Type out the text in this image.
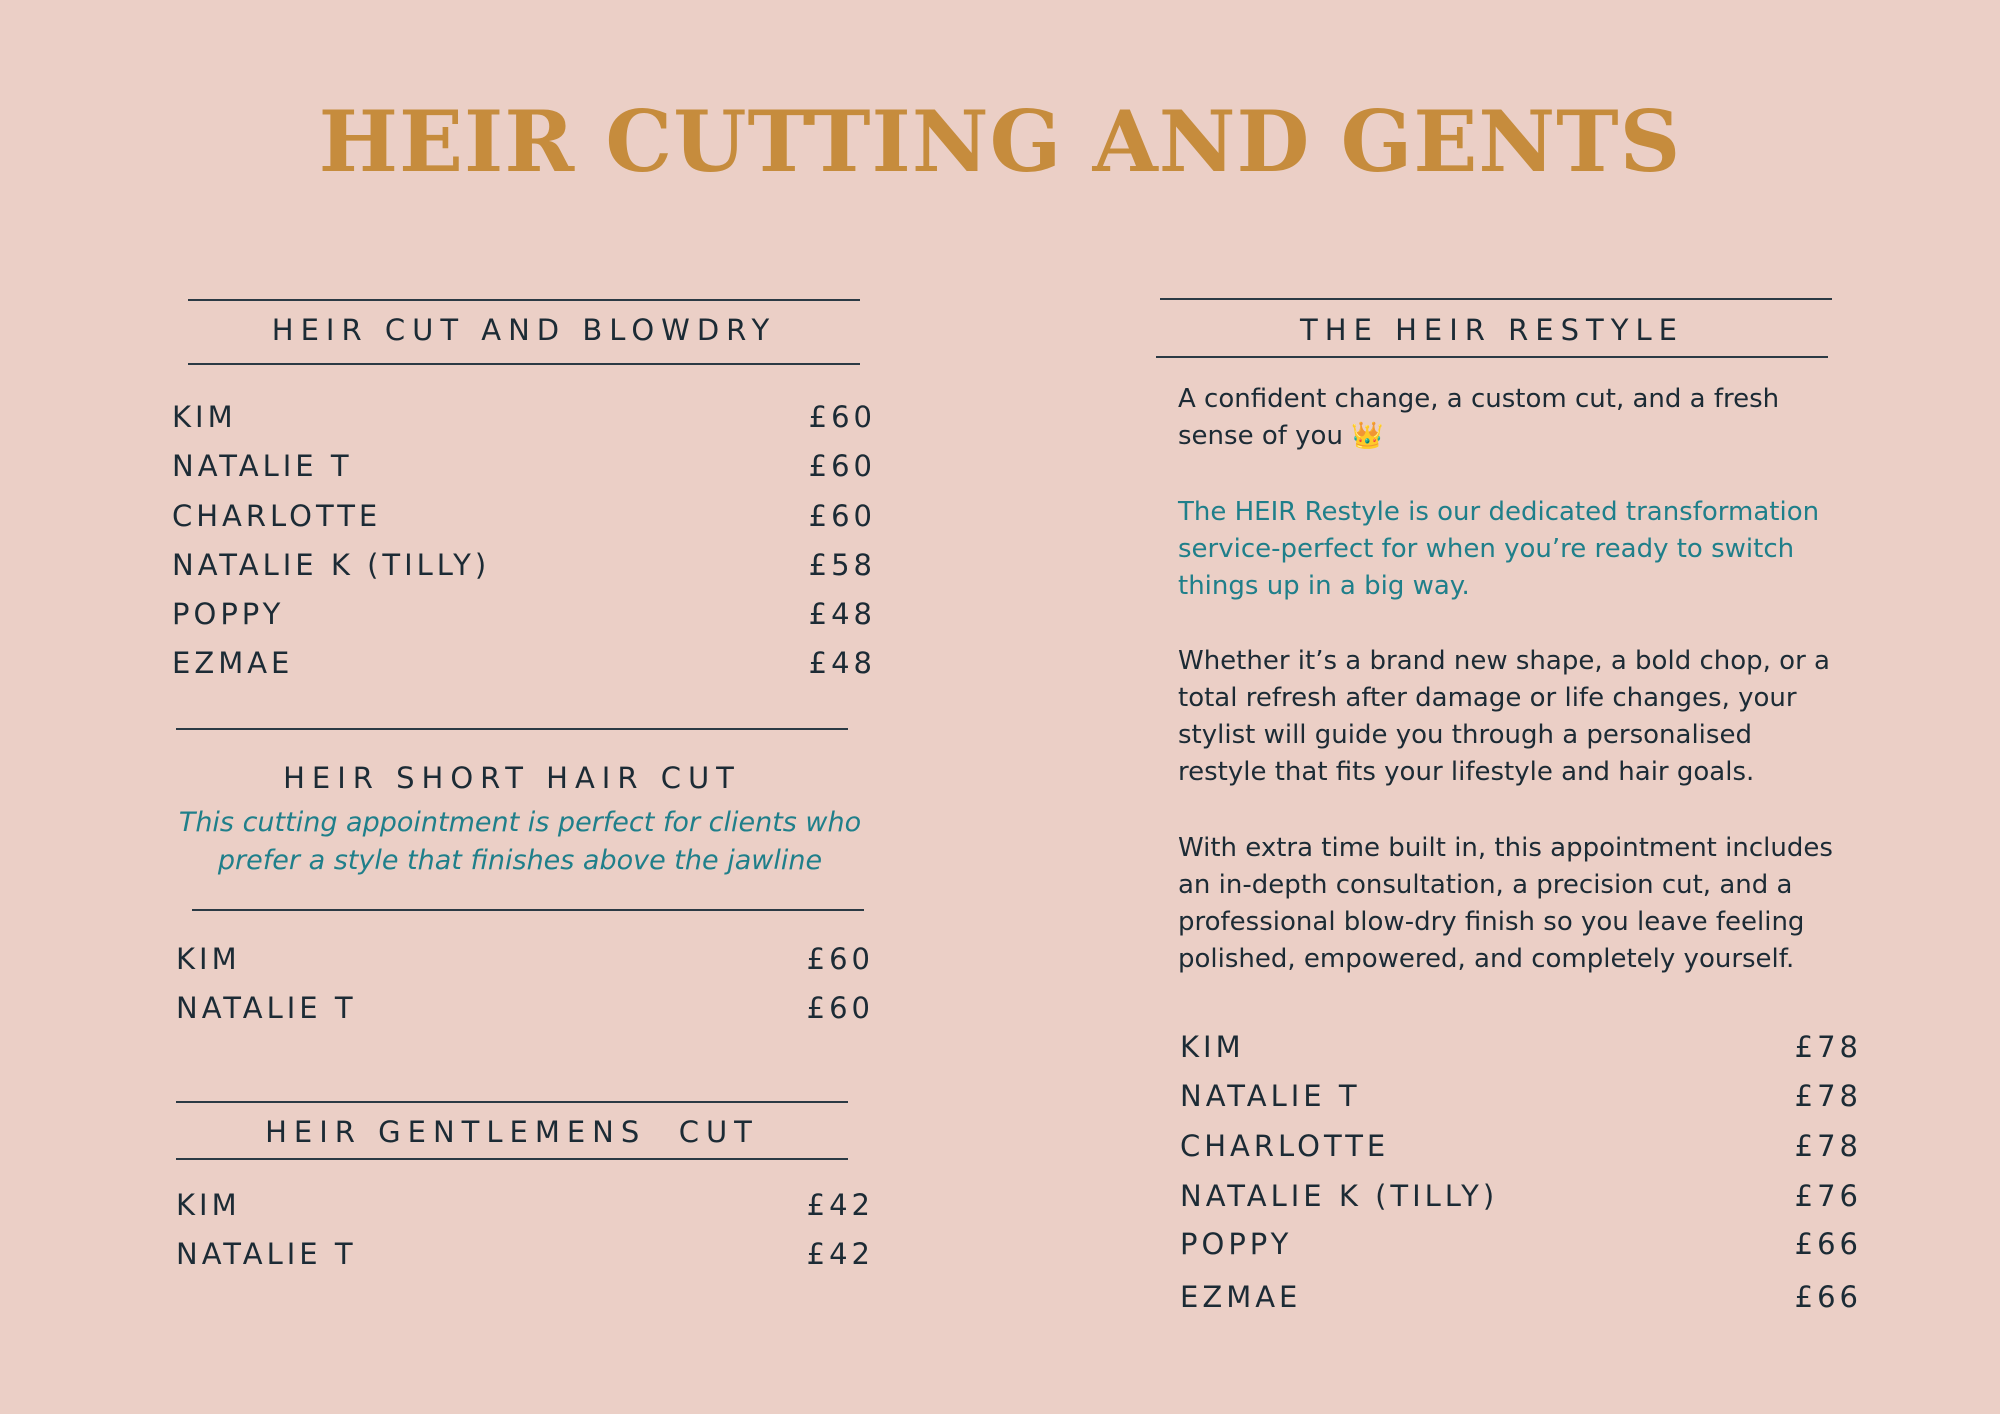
HEIR CUTTING AND GENTS
HEIR CUT AND BLOWDRY
KIM	£60
NATALIE T	£60
CHARLOTTE	£60
NATALIE K (TILLY)	£58
POPPY	£48
EZMAE	£48
HEIR SHORT HAIR CUT
This cutting appointment is perfect for clients who prefer a style that finishes above the jawline
KIM	£60
NATALIE T	£60
HEIR GENTLEMENS  CUT
KIM	£42
NATALIE T	£42
THE HEIR RESTYLE

A confident change, a custom cut, and a fresh sense of you 👑

The HEIR Restyle is our dedicated transformation service-perfect for when you’re ready to switch things up in a big way.

Whether it’s a brand new shape, a bold chop, or a total refresh after damage or life changes, your stylist will guide you through a personalised restyle that fits your lifestyle and hair goals.

With extra time built in, this appointment includes an in-depth consultation, a precision cut, and a professional blow-dry finish so you leave feeling polished, empowered, and completely yourself.

KIM	£78
NATALIE T	£78
CHARLOTTE	£78
NATALIE K (TILLY)	£76
POPPY	£66
EZMAE	£66
